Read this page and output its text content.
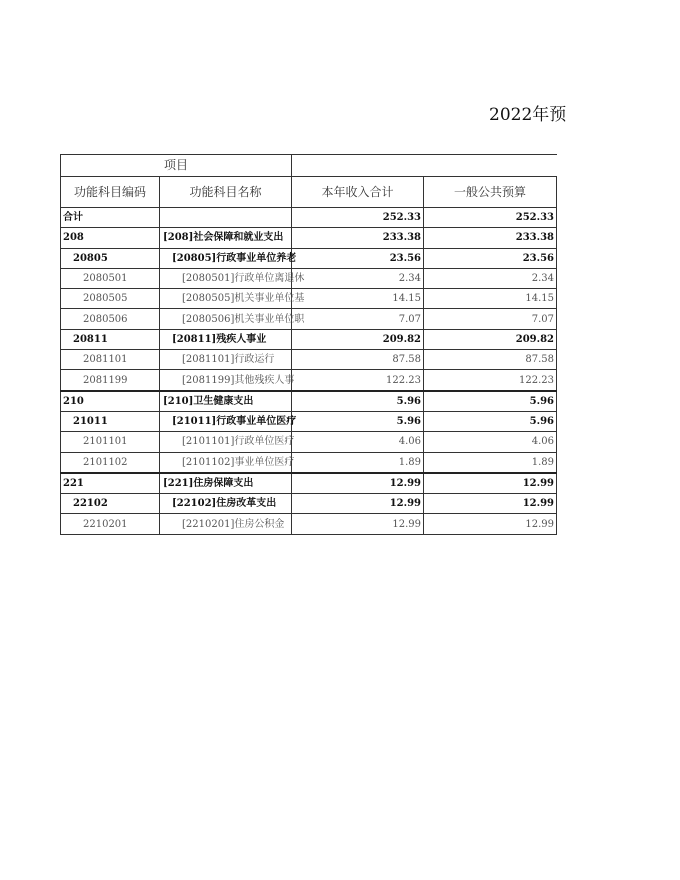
2022年预
项目			
功能科目编码	功能科目名称	本年收入合计	一般公共预算
合计		252.33	252.33
208	[208]社会保障和就业支出	233.38	233.38
20805	[20805]行政事业单位养老	23.56	23.56
2080501	[2080501]行政单位离退休	2.34	2.34
2080505	[2080505]机关事业单位基	14.15	14.15
2080506	[2080506]机关事业单位职	7.07	7.07
20811	[20811]残疾人事业	209.82	209.82
2081101	[2081101]行政运行	87.58	87.58
2081199	[2081199]其他残疾人事	122.23	122.23
210	[210]卫生健康支出	5.96	5.96
21011	[21011]行政事业单位医疗	5.96	5.96
2101101	[2101101]行政单位医疗	4.06	4.06
2101102	[2101102]事业单位医疗	1.89	1.89
221	[221]住房保障支出	12.99	12.99
22102	[22102]住房改革支出	12.99	12.99
2210201	[2210201]住房公积金	12.99	12.99
